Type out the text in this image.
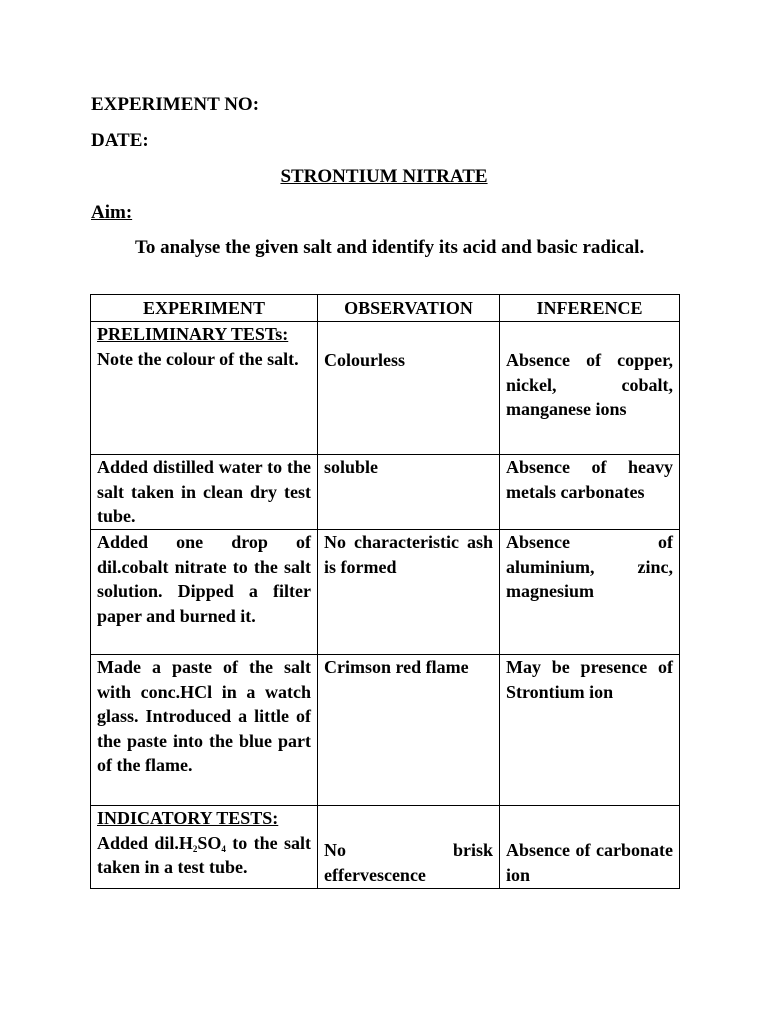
EXPERIMENT NO:
DATE:
STRONTIUM NITRATE
Aim:
To analyse the given salt and identify its acid and basic radical.
EXPERIMENT	OBSERVATION	INFERENCE

PRELIMINARY TESTs:
Note the colour of the salt.	Colourless	Absence of copper, nickel, cobalt, manganese ions

Added distilled water to the salt taken in clean dry test tube.	soluble	Absence of heavy metals carbonates
Added one drop of dil.cobalt nitrate to the salt solution. Dipped a filter paper and burned it.	No characteristic ash is formed	Absence of aluminium, zinc, magnesium
Made a paste of the salt with conc.HCl in a watch glass. Introduced a little of the paste into the blue part of the flame.	Crimson red flame	May be presence of Strontium ion

INDICATORY TESTS:
Added $dil.H_2SO_4$ to the salt taken in a test tube.	No brisk effervescence	Absence of carbonate ion
